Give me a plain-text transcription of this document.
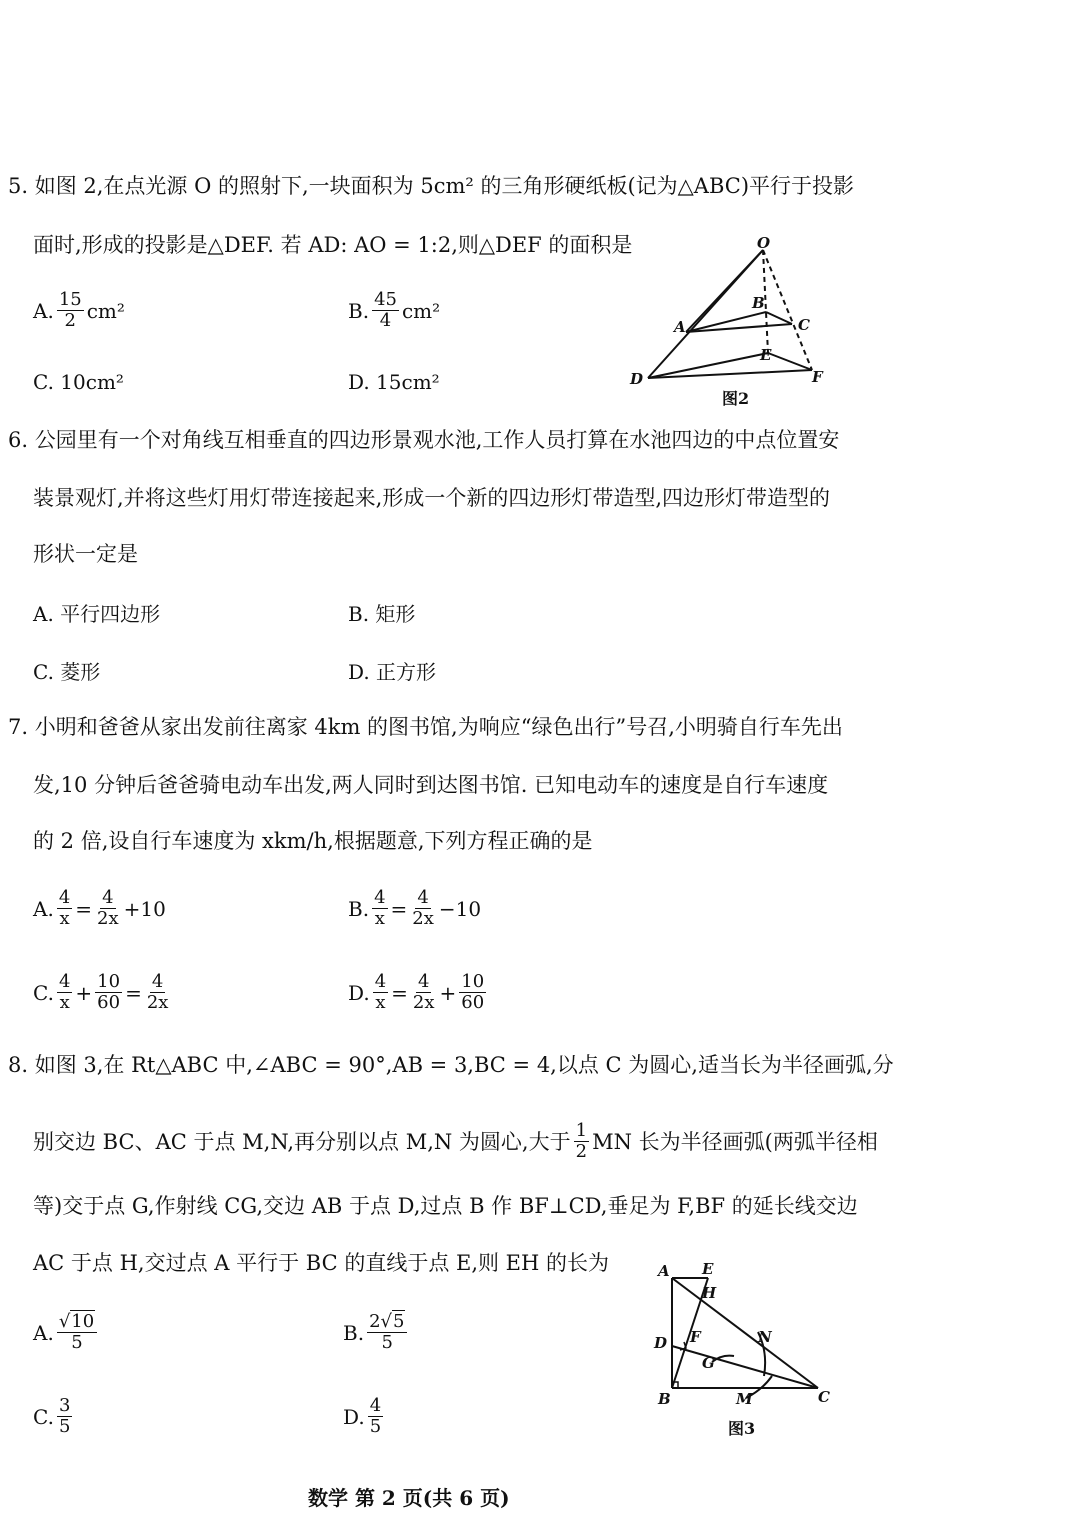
5. 如图 2,在点光源 O 的照射下,一块面积为 5cm² 的三角形硬纸板(记为△ABC)平行于投影
面时,形成的投影是△DEF. 若 AD: AO = 1:2,则△DEF 的面积是
A. $\frac{15}{2} cm^2$	B. $\frac{45}{4} cm^2$
C. 10cm²	D. 15cm²
O
B
A	C
E
D	F
图2
6. 公园里有一个对角线互相垂直的四边形景观水池,工作人员打算在水池四边的中点位置安
装景观灯,并将这些灯用灯带连接起来,形成一个新的四边形灯带造型,四边形灯带造型的
形状一定是
A. 平行四边形	B. 矩形
C. 菱形	D. 正方形
7. 小明和爸爸从家出发前往离家 4km 的图书馆,为响应“绿色出行”号召,小明骑自行车先出
发,10 分钟后爸爸骑电动车出发,两人同时到达图书馆. 已知电动车的速度是自行车速度
的 2 倍,设自行车速度为 xkm/h,根据题意,下列方程正确的是
A. $\frac{4}{x} = \frac{4}{2x} +10$	B. $\frac{4}{x} = \frac{4}{2x} -10$
C. $\frac{4}{x} + \frac{10}{60} = \frac{4}{2x}$	D. $\frac{4}{x} = \frac{4}{2x} + \frac{10}{60}$
8. 如图 3,在 Rt△ABC 中,∠ABC = 90°,AB = 3,BC = 4,以点 C 为圆心,适当长为半径画弧,分
别交边 BC、AC 于点 M,N,再分别以点 M,N 为圆心,大于 $\frac{1}{2}$ MN 长为半径画弧(两弧半径相
等)交于点 G,作射线 CG,交边 AB 于点 D,过点 B 作 BF⊥CD,垂足为 F,BF 的延长线交边
AC 于点 H,交过点 A 平行于 BC 的直线于点 E,则 EH 的长为
A. $\frac{√10}{5}$	B. $\frac{2√5}{5}$
C. $\frac{3}{5}$	D. $\frac{4}{5}$
A E
H
D F	N
G
B	M	C
图3
数学 第 2 页(共 6 页)
